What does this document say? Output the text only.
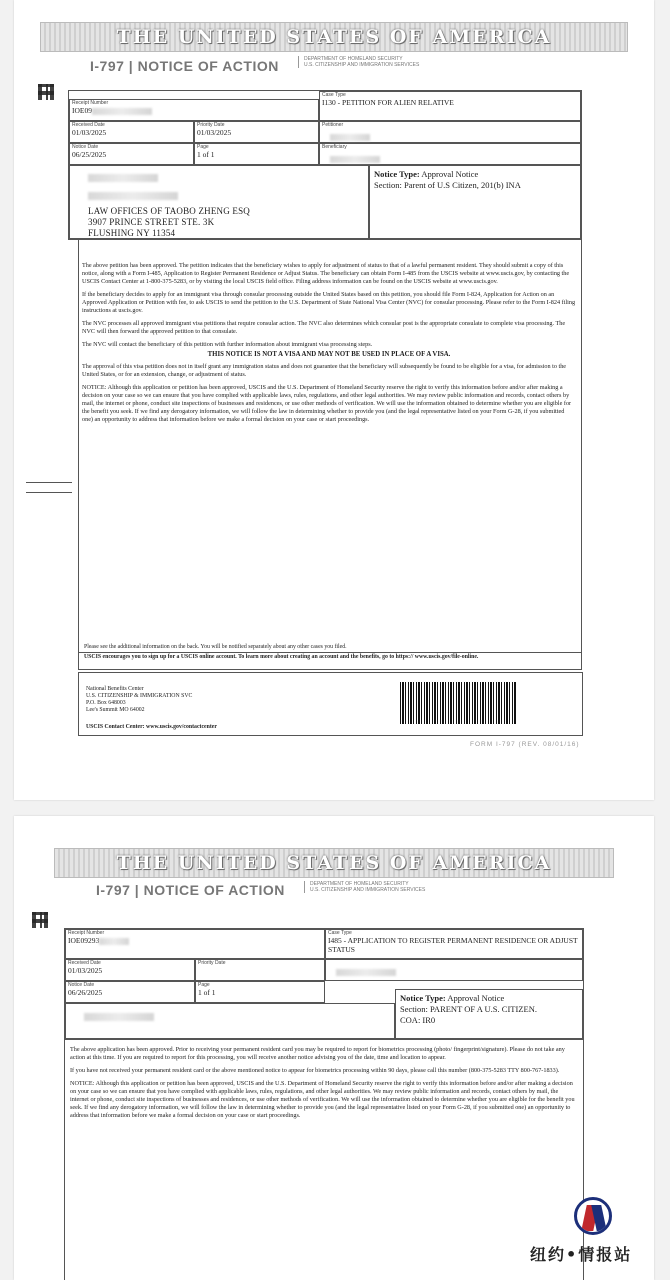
THE UNITED STATES OF AMERICA
I-797 | NOTICE OF ACTION	DEPARTMENT OF HOMELAND SECURITY
U.S. CITIZENSHIP AND IMMIGRATION SERVICES
Receipt Number
IOE09
Case Type
I130 - PETITION FOR ALIEN RELATIVE
Received Date
01/03/2025
Priority Date
01/03/2025
Petitioner
Notice Date
06/25/2025
Page
1 of 1
Beneficiary

LAW OFFICES OF TAOBO ZHENG ESQ
3907 PRINCE STREET STE. 3K
FLUSHING NY 11354
Notice Type: Approval Notice
Section: Parent of U.S Citizen, 201(b) INA

The above petition has been approved. The petition indicates that the beneficiary wishes to apply for adjustment of status to that of a lawful permanent resident. They should submit a copy of this notice, along with a Form I-485, Application to Register Permanent Residence or Adjust Status. The beneficiary can obtain Form I-485 from the USCIS website at www.uscis.gov, by contacting the USCIS Contact Center at 1-800-375-5283, or by visiting the local USCIS field office. Filing address information can be found on the USCIS website at www.uscis.gov.

If the beneficiary decides to apply for an immigrant visa through consular processing outside the United States based on this petition, you should file Form I-824, Application for Action on an Approved Application or Petition with fee, to ask USCIS to send the petition to the U.S. Department of State National Visa Center (NVC) for consular processing. Please refer to the Form I-824 filing instructions at uscis.gov.

The NVC processes all approved immigrant visa petitions that require consular action. The NVC also determines which consular post is the appropriate consulate to complete visa processing. The NVC will then forward the approved petition to that consulate.

The NVC will contact the beneficiary of this petition with further information about immigrant visa processing steps.

THIS NOTICE IS NOT A VISA AND MAY NOT BE USED IN PLACE OF A VISA.

The approval of this visa petition does not in itself grant any immigration status and does not guarantee that the beneficiary will subsequently be found to be eligible for a visa, for admission to the United States, or for an extension, change, or adjustment of status.

NOTICE: Although this application or petition has been approved, USCIS and the U.S. Department of Homeland Security reserve the right to verify this information before and/or after making a decision on your case so we can ensure that you have complied with applicable laws, rules, regulations, and other legal authorities. We may review public information and records, contact others by mail, the internet or phone, conduct site inspections of businesses and residences, or use other methods of verification. We will use the information obtained to determine whether you are eligible for the benefit you seek. If we find any derogatory information, we will follow the law in determining whether to provide you (and the legal representative listed on your Form G-28, if you submitted one) an opportunity to address that information before we make a formal decision on your case or start proceedings.

Please see the additional information on the back. You will be notified separately about any other cases you filed.
USCIS encourages you to sign up for a USCIS online account. To learn more about creating an account and the benefits, go to https:// www.uscis.gov/file-online.
National Benefits Center
U.S. CITIZENSHIP & IMMIGRATION SVC
P.O. Box 648003
Lee's Summit MO 64002
USCIS Contact Center: www.uscis.gov/contactcenter
FORM I-797 (REV. 08/01/16)
THE UNITED STATES OF AMERICA
I-797 | NOTICE OF ACTION	DEPARTMENT OF HOMELAND SECURITY
U.S. CITIZENSHIP AND IMMIGRATION SERVICES
Receipt Number
IOE09293
Case Type
I485 - APPLICATION TO REGISTER PERMANENT RESIDENCE OR ADJUST STATUS
Received Date
01/03/2025
Priority Date
Notice Date
06/26/2025
Page
1 of 1
Notice Type: Approval Notice
Section: PARENT OF A U.S. CITIZEN.
COA: IR0

The above application has been approved. Prior to receiving your permanent resident card you may be required to report for biometrics processing (photo/ fingerprint/signature). Please do not take any action at this time. If you are required to report for this processing, you will receive another notice advising you of the date, time and location to appear.

If you have not received your permanent resident card or the above mentioned notice to appear for biometrics processing within 90 days, please call this number (800-375-5283 TTY 800-767-1833).

NOTICE: Although this application or petition has been approved, USCIS and the U.S. Department of Homeland Security reserve the right to verify this information before and/or after making a decision on your case so we can ensure that you have complied with applicable laws, rules, regulations, and other legal authorities. We may review public information and records, contact others by mail, the internet or phone, conduct site inspections of businesses and residences, or use other methods of verification. We will use the information obtained to determine whether you are eligible for the benefit you seek. If we find any derogatory information, we will follow the law in determining whether to provide you (and the legal representative listed on your Form G-28, if you submitted one) an opportunity to address that information before we make a formal decision on your case or start proceedings.

纽约•情报站
